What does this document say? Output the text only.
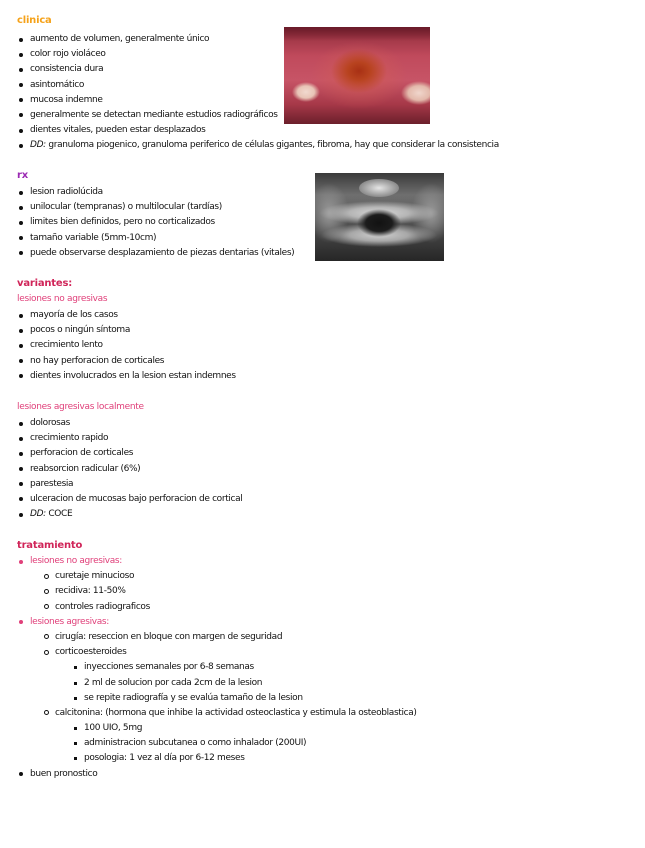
clinica
aumento de volumen, generalmente único
color rojo violáceo
consistencia dura
asintomático
mucosa indemne
generalmente se detectan mediante estudios radiográficos
dientes vitales, pueden estar desplazados
DD: granuloma piogenico, granuloma periferico de células gigantes, fibroma, hay que considerar la consistencia
rx
lesion radiolúcida
unilocular (tempranas) o multilocular (tardías)
limites bien definidos, pero no corticalizados
tamaño variable (5mm-10cm)
puede observarse desplazamiento de piezas dentarias (vitales)
variantes:
lesiones no agresivas
mayoría de los casos
pocos o ningún síntoma
crecimiento lento
no hay perforacion de corticales
dientes involucrados en la lesion estan indemnes
lesiones agresivas localmente
dolorosas
crecimiento rapido
perforacion de corticales
reabsorcion radicular (6%)
parestesia
ulceracion de mucosas bajo perforacion de cortical
DD: COCE
tratamiento
lesiones no agresivas:
curetaje minucioso
recidiva: 11-50%
controles radiograficos
lesiones agresivas:
cirugía: reseccion en bloque con margen de seguridad
corticoesteroides
inyecciones semanales por 6-8 semanas
2 ml de solucion por cada 2cm de la lesion
se repite radiografía y se evalúa tamaño de la lesion
calcitonina: (hormona que inhibe la actividad osteoclastica y estimula la osteoblastica)
100 UIO, 5mg
administracion subcutanea o como inhalador (200UI)
posologia: 1 vez al día por 6-12 meses
buen pronostico
